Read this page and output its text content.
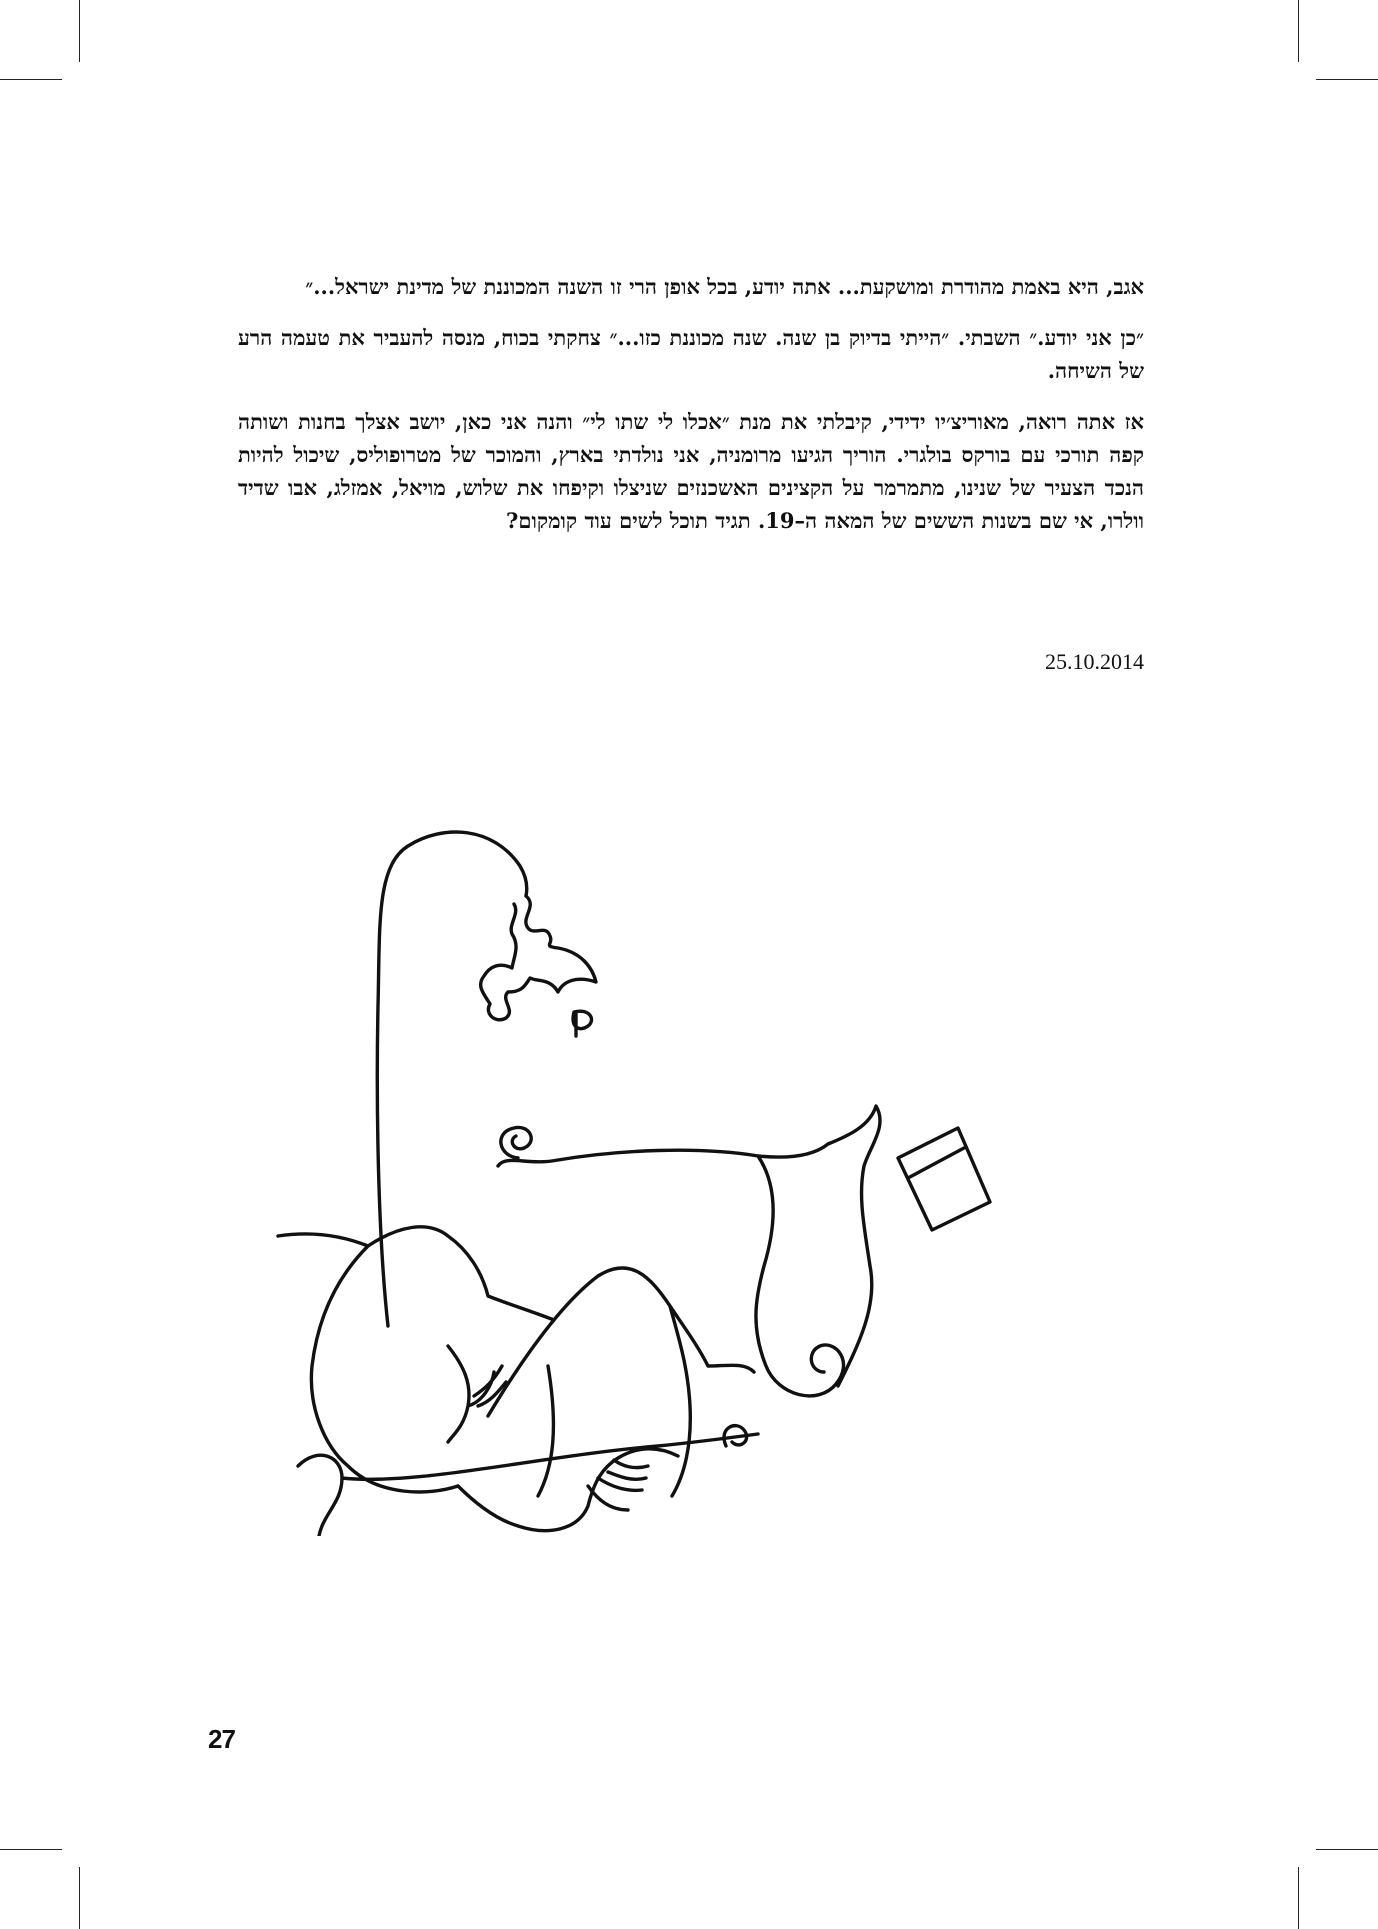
אגב, היא באמת מהודרת ומושקעת... אתה יודע, בכל אופן הרי זו השנה המכוננת של מדינת ישראל...״

״כן אני יודע.״ השבתי. ״הייתי בדיוק בן שנה. שנה מכוננת כזו...״ צחקתי בכוח, מנסה להעביר את טעמה הרע של השיחה.

אז אתה רואה, מאוריצ׳יו ידידי, קיבלתי את מנת ״אכלו לי שתו לי״ והנה אני כאן, יושב אצלך בחנות ושותה קפה תורכי עם בורקס בולגרי. הוריך הגיעו מרומניה, אני נולדתי בארץ, והמוכר של מטרופוליס, שיכול להיות הנכד הצעיר של שנינו, מתמרמר על הקצינים האשכנזים שניצלו וקיפחו את שלוש, מויאל, אמזלג, אבו שדיד וולרו, אי שם בשנות הששים של המאה ה–19. תגיד תוכל לשים עוד קומקום?

25.10.2014
27
